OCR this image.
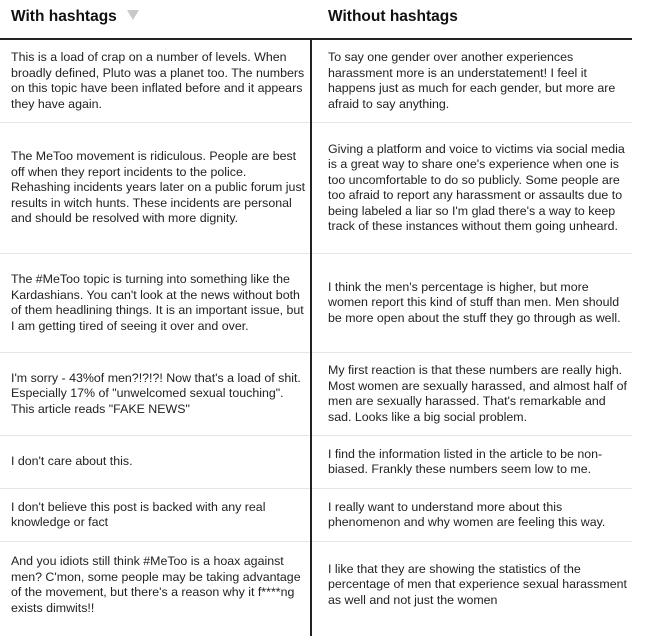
With hashtags	Without hashtags
This is a load of crap on a number of levels. When broadly defined, Pluto was a planet too. The numbers on this topic have been inflated before and it appears they have again.
To say one gender over another experiences harassment more is an understatement! I feel it happens just as much for each gender, but more are afraid to say anything.
The MeToo movement is ridiculous. People are best off when they report incidents to the police. Rehashing incidents years later on a public forum just results in witch hunts. These incidents are personal and should be resolved with more dignity.
Giving a platform and voice to victims via social media is a great way to share one's experience when one is too uncomfortable to do so publicly. Some people are too afraid to report any harassment or assaults due to being labeled a liar so I'm glad there's a way to keep track of these instances without them going unheard.
The #MeToo topic is turning into something like the Kardashians. You can't look at the news without both of them headlining things. It is an important issue, but I am getting tired of seeing it over and over.
I think the men's percentage is higher, but more women report this kind of stuff than men. Men should be more open about the stuff they go through as well.
I'm sorry - 43%of men?!?!?! Now that's a load of shit. Especially 17% of "unwelcomed sexual touching". This article reads "FAKE NEWS"
My first reaction is that these numbers are really high. Most women are sexually harassed, and almost half of men are sexually harassed. That's remarkable and sad. Looks like a big social problem.
I don't care about this.
I find the information listed in the article to be non-biased. Frankly these numbers seem low to me.
I don't believe this post is backed with any real knowledge or fact
I really want to understand more about this phenomenon and why women are feeling this way.
And you idiots still think #MeToo is a hoax against men? C'mon, some people may be taking advantage of the movement, but there's a reason why it f****ng exists dimwits!!
I like that they are showing the statistics of the percentage of men that experience sexual harassment as well and not just the women
